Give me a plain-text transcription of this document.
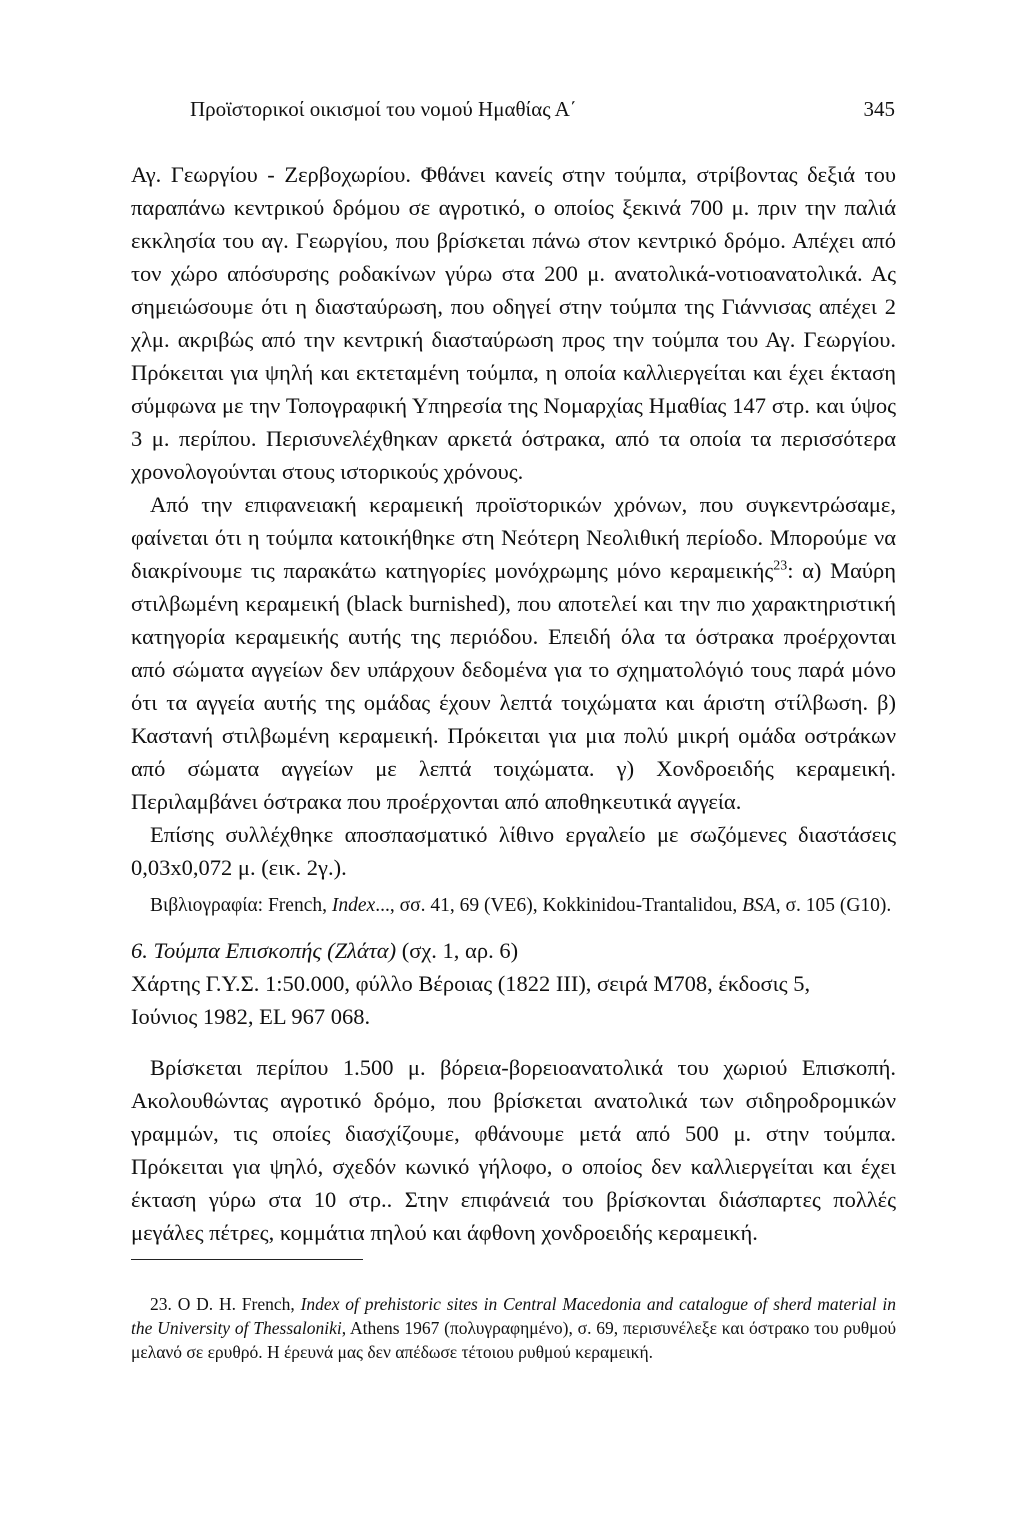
Προϊστορικοί οικισμοί του νομού Ημαθίας Α΄	345

Αγ. Γεωργίου - Ζερβοχωρίου. Φθάνει κανείς στην τούμπα, στρίβοντας δεξιά του παραπάνω κεντρικού δρόμου σε αγροτικό, ο οποίος ξεκινά 700 μ. πριν την παλιά εκκλησία του αγ. Γεωργίου, που βρίσκεται πάνω στον κεντρικό δρόμο. Απέχει από τον χώρο απόσυρσης ροδακίνων γύρω στα 200 μ. ανατολικά-νοτιοανατολικά. Ας σημειώσουμε ότι η διασταύρωση, που οδηγεί στην τούμπα της Γιάννισας απέχει 2 χλμ. ακριβώς από την κεντρική διασταύρωση προς την τούμπα του Αγ. Γεωργίου. Πρόκειται για ψηλή και εκτεταμένη τούμπα, η οποία καλλιεργείται και έχει έκταση σύμφωνα με την Τοπογραφική Υπηρεσία της Νομαρχίας Ημαθίας 147 στρ. και ύψος 3 μ. περίπου. Περισυνελέχθηκαν αρκετά όστρακα, από τα οποία τα περισσότερα χρονολογούνται στους ιστορικούς χρόνους.

Από την επιφανειακή κεραμεική προϊστορικών χρόνων, που συγκεντρώσαμε, φαίνεται ότι η τούμπα κατοικήθηκε στη Νεότερη Νεολιθική περίοδο. Μπορούμε να διακρίνουμε τις παρακάτω κατηγορίες μονόχρωμης μόνο κεραμεικής$^{23}$: α) Μαύρη στιλβωμένη κεραμεική (black burnished), που αποτελεί και την πιο χαρακτηριστική κατηγορία κεραμεικής αυτής της περιόδου. Επειδή όλα τα όστρακα προέρχονται από σώματα αγγείων δεν υπάρχουν δεδομένα για το σχηματολόγιό τους παρά μόνο ότι τα αγγεία αυτής της ομάδας έχουν λεπτά τοιχώματα και άριστη στίλβωση. β) Καστανή στιλβωμένη κεραμεική. Πρόκειται για μια πολύ μικρή ομάδα οστράκων από σώματα αγγείων με λεπτά τοιχώματα. γ) Χονδροειδής κεραμεική. Περιλαμβάνει όστρακα που προέρχονται από αποθηκευτικά αγγεία.

Επίσης συλλέχθηκε αποσπασματικό λίθινο εργαλείο με σωζόμενες διαστάσεις 0,03x0,072 μ. (εικ. 2γ.).

Βιβλιογραφία: French, Index..., σσ. 41, 69 (VE6), Kokkinidou-Trantalidou, BSA, σ. 105 (G10).

6. Τούμπα Επισκοπής (Ζλάτα) (σχ. 1, αρ. 6)

Χάρτης Γ.Υ.Σ. 1:50.000, φύλλο Βέροιας (1822 III), σειρά M708, έκδοσις 5,
Ιούνιος 1982, EL 967 068.

Βρίσκεται περίπου 1.500 μ. βόρεια-βορειοανατολικά του χωριού Επισκοπή. Ακολουθώντας αγροτικό δρόμο, που βρίσκεται ανατολικά των σιδηροδρομικών γραμμών, τις οποίες διασχίζουμε, φθάνουμε μετά από 500 μ. στην τούμπα. Πρόκειται για ψηλό, σχεδόν κωνικό γήλοφο, ο οποίος δεν καλλιεργείται και έχει έκταση γύρω στα 10 στρ.. Στην επιφάνειά του βρίσκονται διάσπαρτες πολλές μεγάλες πέτρες, κομμάτια πηλού και άφθονη χονδροειδής κεραμεική.

23. Ο D. H. French, Index of prehistoric sites in Central Macedonia and catalogue of sherd material in the University of Thessaloniki, Athens 1967 (πολυγραφημένο), σ. 69, περισυνέλεξε και όστρακο του ρυθμού μελανό σε ερυθρό. Η έρευνά μας δεν απέδωσε τέτοιου ρυθμού κεραμεική.
